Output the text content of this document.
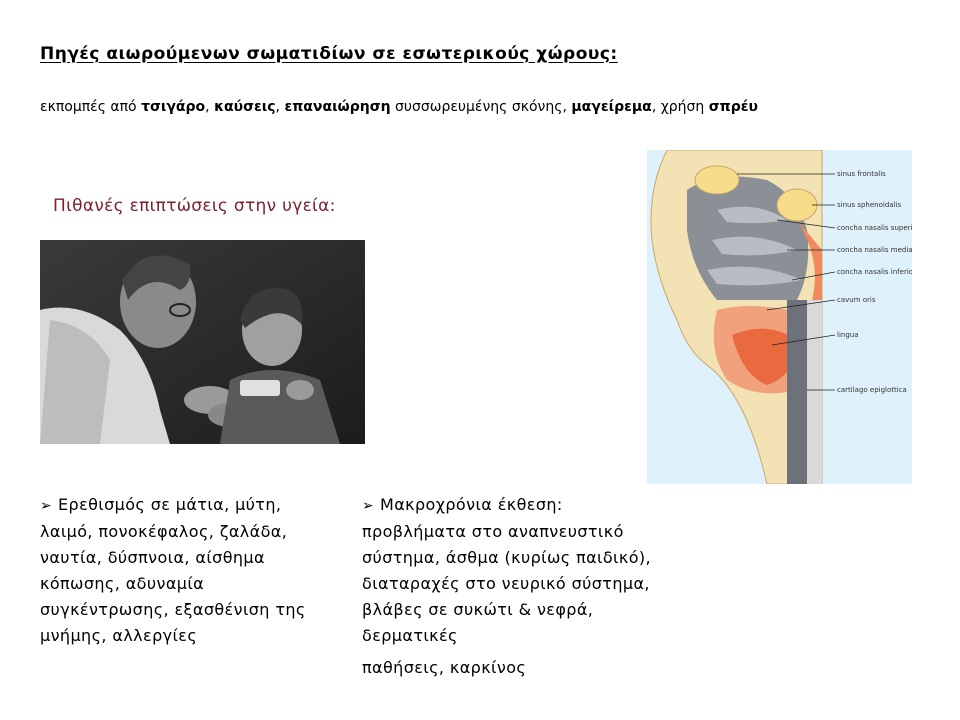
Πηγές αιωρούμενων σωματιδίων σε εσωτερικούς χώρους:
εκπομπές από τσιγάρο, καύσεις, επαναιώρηση συσσωρευμένης σκόνης, μαγείρεμα, χρήση σπρέυ
Πιθανές επιπτώσεις στην υγεία:
sinus frontalis
sinus sphenoidalis
concha nasalis superior
concha nasalis media
concha nasalis inferior
cavum oris
lingua
cartilago epiglottica
➢ Ερεθισμός σε μάτια, μύτη, λαιμό, πονοκέφαλος, ζαλάδα, ναυτία, δύσπνοια, αίσθημα κόπωσης, αδυναμία συγκέντρωσης, εξασθένιση της μνήμης, αλλεργίες
➢ Μακροχρόνια έκθεση: προβλήματα στο αναπνευστικό σύστημα, άσθμα (κυρίως παιδικό), διαταραχές στο νευρικό σύστημα, βλάβες σε συκώτι & νεφρά, δερματικές
παθήσεις, καρκίνος
